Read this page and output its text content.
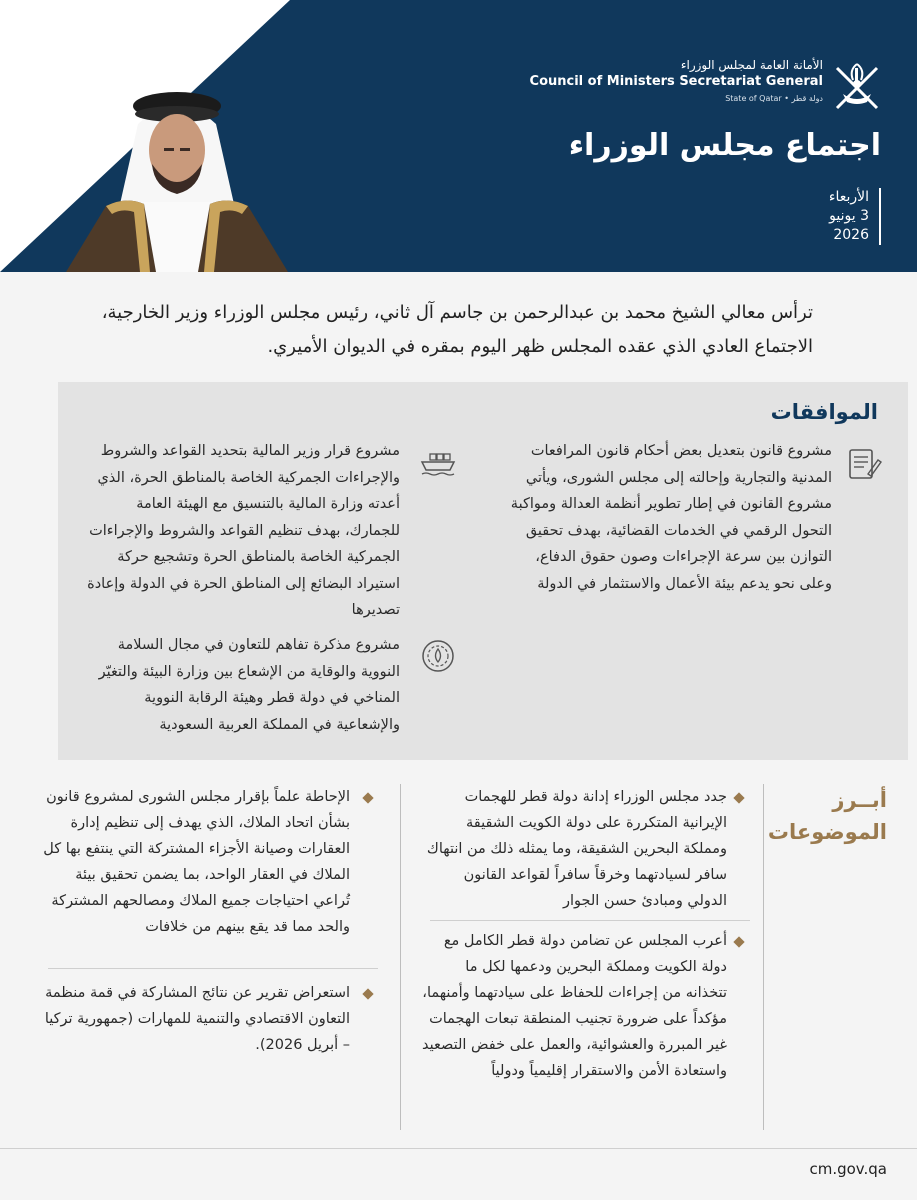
الأمانة العامة لمجلس الوزراء
Council of Ministers Secretariat General
State of Qatar • دولة قطر
اجتماع مجلس الوزراء
الأربعاء
3 يونيو
2026
ترأس معالي الشيخ محمد بن عبدالرحمن بن جاسم آل ثاني، رئيس مجلس الوزراء وزير الخارجية، الاجتماع العادي الذي عقده المجلس ظهر اليوم بمقره في الديوان الأميري.
الموافقات
مشروع قانون بتعديل بعض أحكام قانون المرافعات المدنية والتجارية وإحالته إلى مجلس الشورى، ويأتي مشروع القانون في إطار تطوير أنظمة العدالة ومواكبة التحول الرقمي في الخدمات القضائية، بهدف تحقيق التوازن بين سرعة الإجراءات وصون حقوق الدفاع، وعلى نحو يدعم بيئة الأعمال والاستثمار في الدولة
مشروع قرار وزير المالية بتحديد القواعد والشروط والإجراءات الجمركية الخاصة بالمناطق الحرة، الذي أعدته وزارة المالية بالتنسيق مع الهيئة العامة للجمارك، بهدف تنظيم القواعد والشروط والإجراءات الجمركية الخاصة بالمناطق الحرة وتشجيع حركة استيراد البضائع إلى المناطق الحرة في الدولة وإعادة تصديرها
مشروع مذكرة تفاهم للتعاون في مجال السلامة النووية والوقاية من الإشعاع بين وزارة البيئة والتغيّر المناخي في دولة قطر وهيئة الرقابة النووية والإشعاعية في المملكة العربية السعودية
أبــرز
الموضوعات
جدد مجلس الوزراء إدانة دولة قطر للهجمات الإيرانية المتكررة على دولة الكويت الشقيقة ومملكة البحرين الشقيقة، وما يمثله ذلك من انتهاك سافر لسيادتهما وخرقاً سافراً لقواعد القانون الدولي ومبادئ حسن الجوار
أعرب المجلس عن تضامن دولة قطر الكامل مع دولة الكويت ومملكة البحرين ودعمها لكل ما تتخذانه من إجراءات للحفاظ على سيادتهما وأمنهما، مؤكداً على ضرورة تجنيب المنطقة تبعات الهجمات غير المبررة والعشوائية، والعمل على خفض التصعيد واستعادة الأمن والاستقرار إقليمياً ودولياً
الإحاطة علماً بإقرار مجلس الشورى لمشروع قانون بشأن اتحاد الملاك، الذي يهدف إلى تنظيم إدارة العقارات وصيانة الأجزاء المشتركة التي ينتفع بها كل الملاك في العقار الواحد، بما يضمن تحقيق بيئة تُراعي احتياجات جميع الملاك ومصالحهم المشتركة والحد مما قد يقع بينهم من خلافات
استعراض تقرير عن نتائج المشاركة في قمة منظمة التعاون الاقتصادي والتنمية للمهارات (جمهورية تركيا – أبريل 2026).
cm.gov.qa
